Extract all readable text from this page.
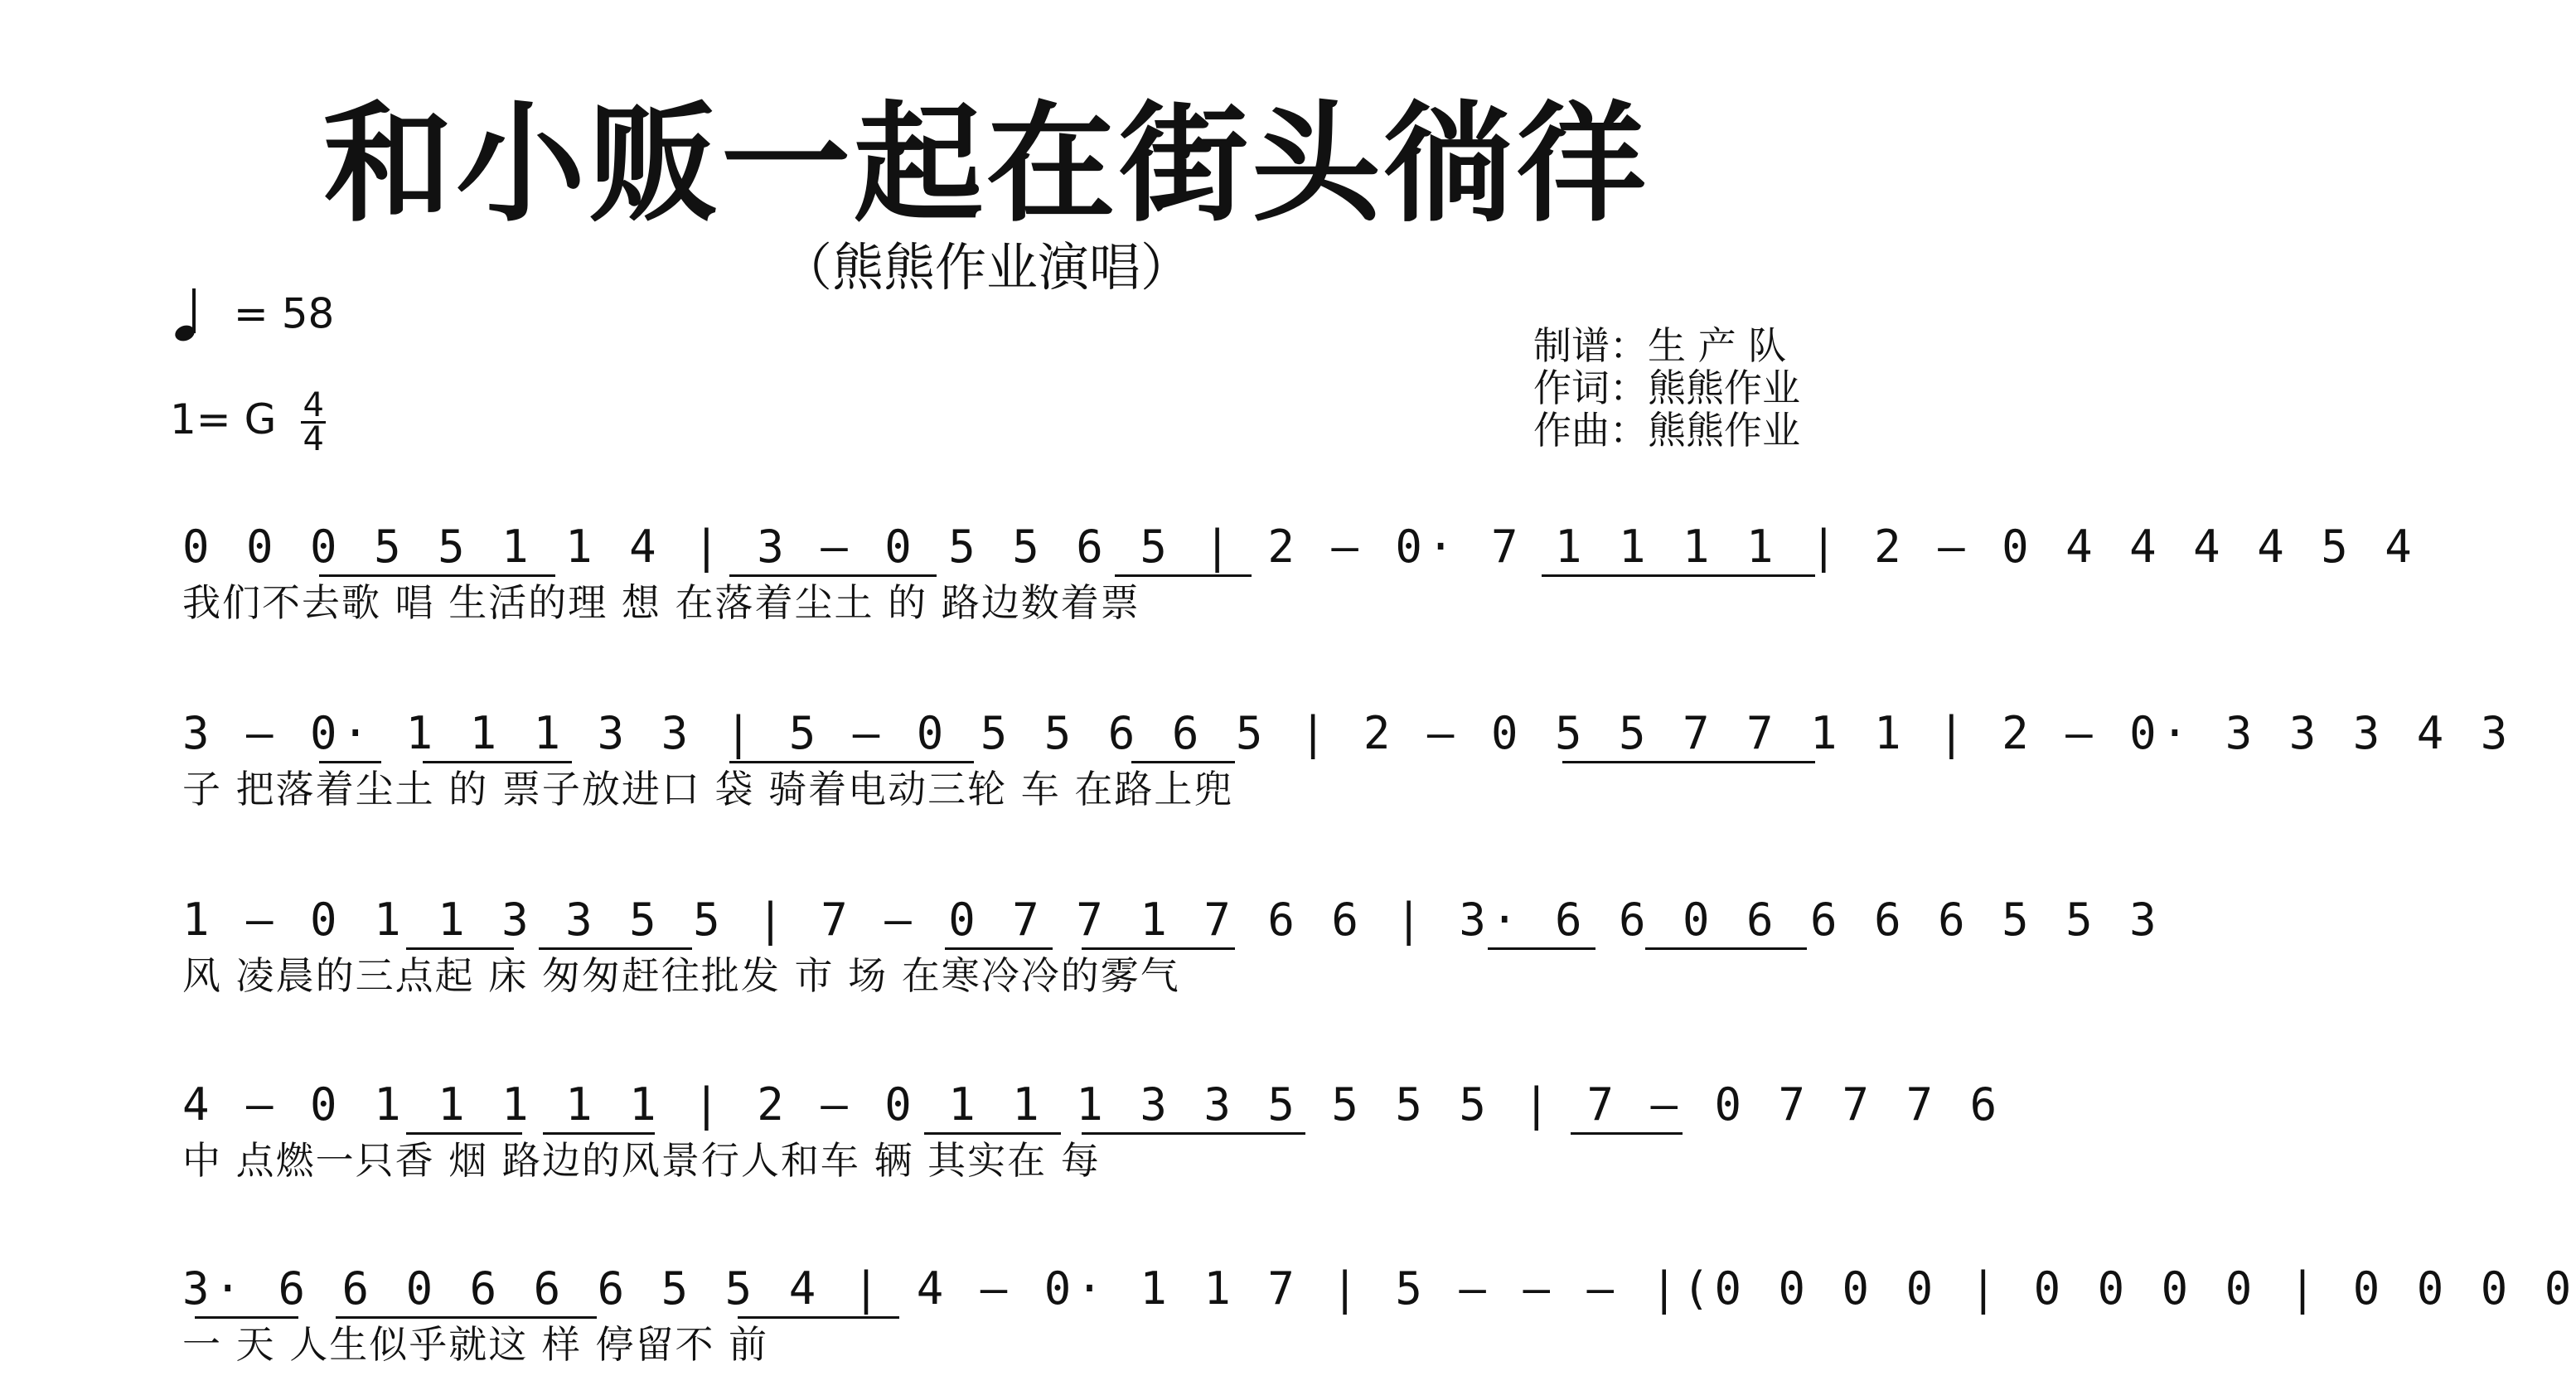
和小贩一起在街头徜徉
（熊熊作业演唱）
= 58
1= G $\frac{4}{4}$
制谱：生 产 队
作词：熊熊作业
作曲：熊熊作业
0 0 0 5 5 1 1 4 | 3 – 0 5 5 6 5 | 2 – 0· 7 1 1 1 1 | 2 – 0 4 4 4 4 5 4
我们不去歌 唱 生活的理 想 在落着尘土 的 路边数着票
3 – 0· 1 1 1 3 3 | 5 – 0 5 5 6 6 5 | 2 – 0 5 5 7 7 1 1 | 2 – 0· 3 3 3 4 3
子 把落着尘土 的 票子放进口 袋 骑着电动三轮 车 在路上兜
1 – 0 1 1 3 3 5 5 | 7 – 0 7 7 1 7 6 6 | 3· 6 6 0 6 6 6 6 5 5 3
风 凌晨的三点起 床 匆匆赶往批发 市 场 在寒冷冷的雾气
4 – 0 1 1 1 1 1 | 2 – 0 1 1 1 3 3 5 5 5 5 | 7 – 0 7 7 7 6
中 点燃一只香 烟 路边的风景行人和车 辆 其实在 每
3· 6 6 0 6 6 6 5 5 4 | 4 – 0· 1 1 7 | 5 – – – |(0 0 0 0 | 0 0 0 0 | 0 0 0 0
一 天 人生似乎就这 样 停留不 前
